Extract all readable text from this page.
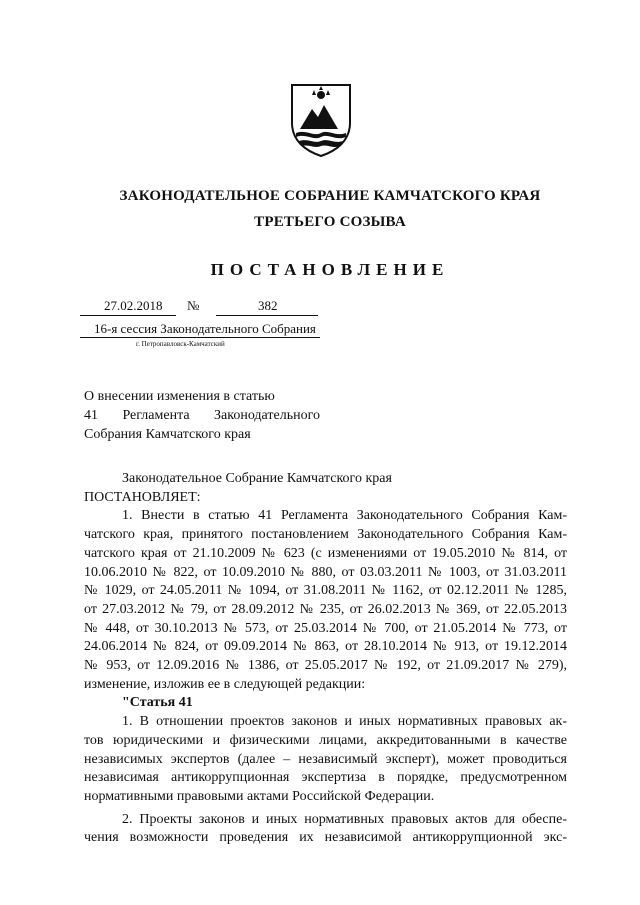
ЗАКОНОДАТЕЛЬНОЕ СОБРАНИЕ КАМЧАТСКОГО КРАЯ
ТРЕТЬЕГО СОЗЫВА
ПОСТАНОВЛЕНИЕ
27.02.2018 №	382
16-я сессия Законодательного Собрания
г. Петропавловск-Камчатский
О внесении изменения в статью
41 Регламента Законодательного
Собрания Камчатского края

Законодательное Собрание Камчатского края

ПОСТАНОВЛЯЕТ:

1. Внести в статью 41 Регламента Законодательного Собрания Кам-

чатского края, принятого постановлением Законодательного Собрания Кам-

чатского края от 21.10.2009 № 623 (с изменениями от 19.05.2010 № 814, от

10.06.2010 № 822, от 10.09.2010 № 880, от 03.03.2011 № 1003, от 31.03.2011

№ 1029, от 24.05.2011 № 1094, от 31.08.2011 № 1162, от 02.12.2011 № 1285,

от 27.03.2012 № 79, от 28.09.2012 № 235, от 26.02.2013 № 369, от 22.05.2013

№ 448, от 30.10.2013 № 573, от 25.03.2014 № 700, от 21.05.2014 № 773, от

24.06.2014 № 824, от 09.09.2014 № 863, от 28.10.2014 № 913, от 19.12.2014

№ 953, от 12.09.2016 № 1386, от 25.05.2017 № 192, от 21.09.2017 № 279),

изменение, изложив ее в следующей редакции:

"Статья 41

1. В отношении проектов законов и иных нормативных правовых ак-

тов юридическими и физическими лицами, аккредитованными в качестве

независимых экспертов (далее – независимый эксперт), может проводиться

независимая антикоррупционная экспертиза в порядке, предусмотренном

нормативными правовыми актами Российской Федерации.

2. Проекты законов и иных нормативных правовых актов для обеспе-

чения возможности проведения их независимой антикоррупционной экс-
